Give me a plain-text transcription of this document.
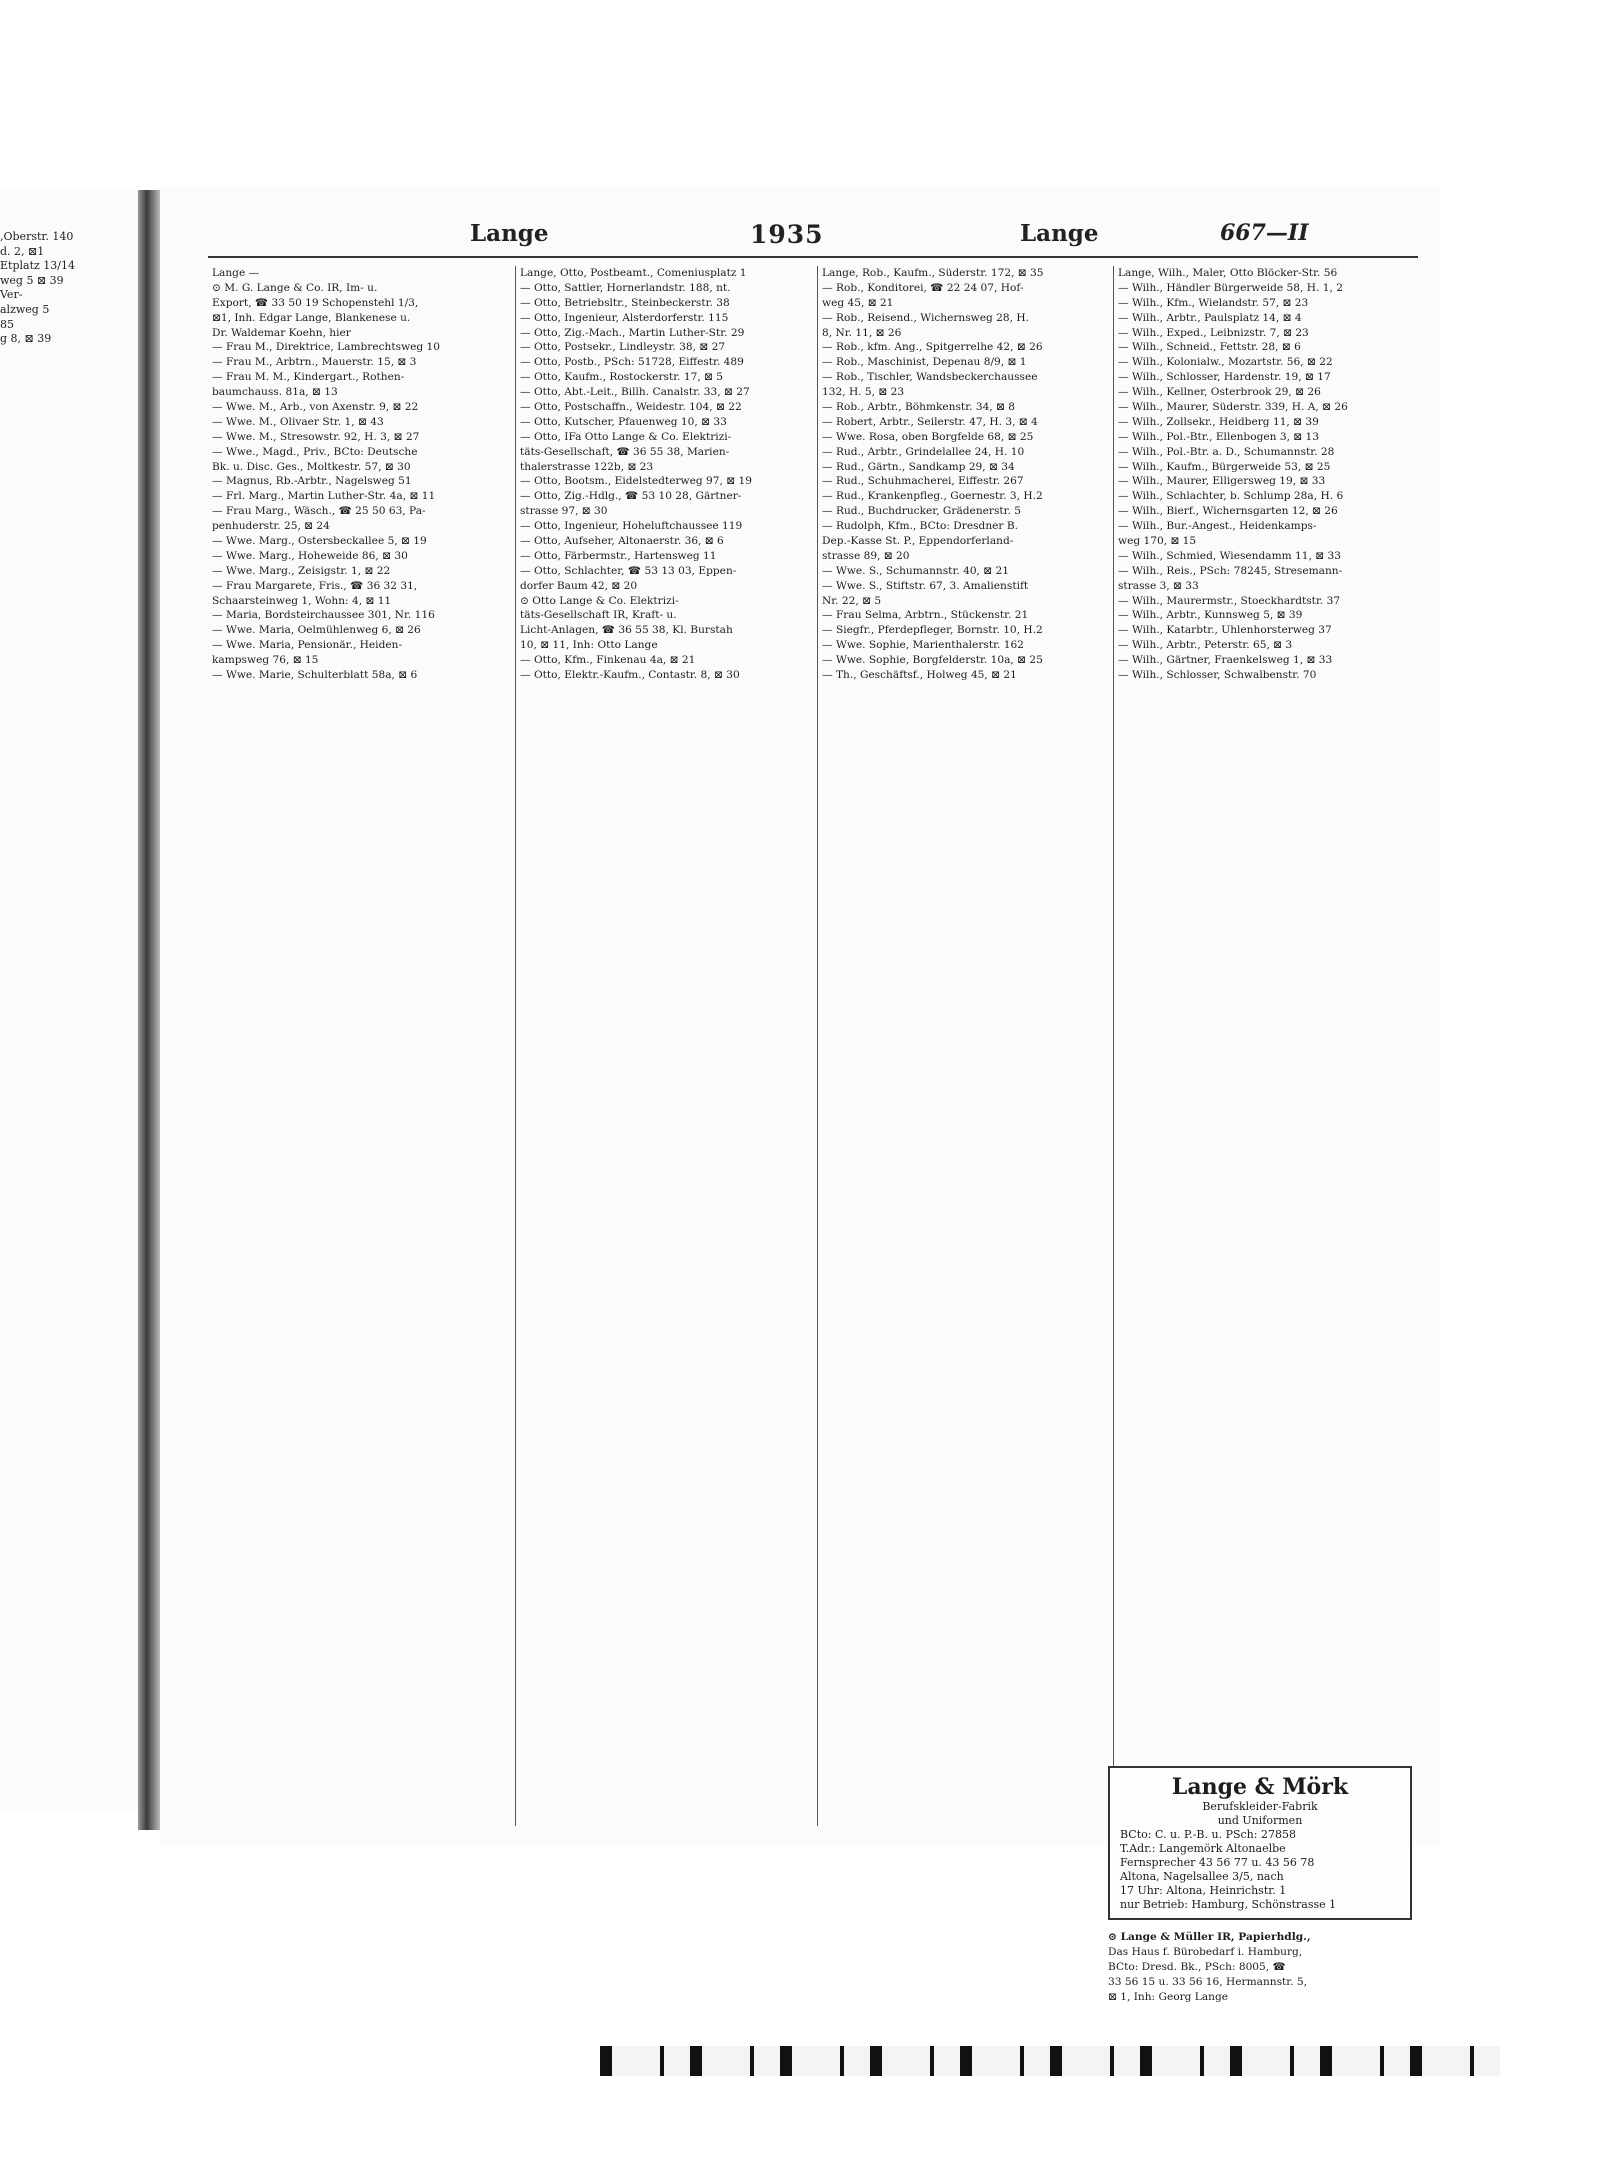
,Oberstr. 140
d. 2, ⊠1
Etplatz 13/14
weg 5 ⊠ 39
Ver-
alzweg 5
85
g 8, ⊠ 39
Lange	1935	Lange	667—II
Lange —
⊙ M. G. Lange & Co. IR, Im- u.
Export, ☎ 33 50 19 Schopenstehl 1/3,
⊠1, Inh. Edgar Lange, Blankenese u.
Dr. Waldemar Koehn, hier
— Frau M., Direktrice, Lambrechtsweg 10
— Frau M., Arbtrn., Mauerstr. 15, ⊠ 3
— Frau M. M., Kindergart., Rothen-
baumchauss. 81a, ⊠ 13
— Wwe. M., Arb., von Axenstr. 9, ⊠ 22
— Wwe. M., Olivaer Str. 1, ⊠ 43
— Wwe. M., Stresowstr. 92, H. 3, ⊠ 27
— Wwe., Magd., Priv., BCto: Deutsche
Bk. u. Disc. Ges., Moltkestr. 57, ⊠ 30
— Magnus, Rb.-Arbtr., Nagelsweg 51
— Frl. Marg., Martin Luther-Str. 4a, ⊠ 11
— Frau Marg., Wäsch., ☎ 25 50 63, Pa-
penhuderstr. 25, ⊠ 24
— Wwe. Marg., Ostersbeckallee 5, ⊠ 19
— Wwe. Marg., Hoheweide 86, ⊠ 30
— Wwe. Marg., Zeisigstr. 1, ⊠ 22
— Frau Margarete, Fris., ☎ 36 32 31,
Schaarsteinweg 1, Wohn: 4, ⊠ 11
— Maria, Bordsteirchaussee 301, Nr. 116
— Wwe. Maria, Oelmühlenweg 6, ⊠ 26
— Wwe. Maria, Pensionär., Heiden-
kampsweg 76, ⊠ 15
— Wwe. Marie, Schulterblatt 58a, ⊠ 6
Lange, Otto, Postbeamt., Comeniusplatz 1
— Otto, Sattler, Hornerlandstr. 188, nt.
— Otto, Betriebsltr., Steinbeckerstr. 38
— Otto, Ingenieur, Alsterdorferstr. 115
— Otto, Zig.-Mach., Martin Luther-Str. 29
— Otto, Postsekr., Lindleystr. 38, ⊠ 27
— Otto, Postb., PSch: 51728, Eiffestr. 489
— Otto, Kaufm., Rostockerstr. 17, ⊠ 5
— Otto, Abt.-Leit., Billh. Canalstr. 33, ⊠ 27
— Otto, Postschaffn., Weidestr. 104, ⊠ 22
— Otto, Kutscher, Pfauenweg 10, ⊠ 33
— Otto, IFa Otto Lange & Co. Elektrizi-
täts-Gesellschaft, ☎ 36 55 38, Marien-
thalerstrasse 122b, ⊠ 23
— Otto, Bootsm., Eidelstedterweg 97, ⊠ 19
— Otto, Zig.-Hdlg., ☎ 53 10 28, Gärtner-
strasse 97, ⊠ 30
— Otto, Ingenieur, Hoheluftchaussee 119
— Otto, Aufseher, Altonaerstr. 36, ⊠ 6
— Otto, Färbermstr., Hartensweg 11
— Otto, Schlachter, ☎ 53 13 03, Eppen-
dorfer Baum 42, ⊠ 20
⊙ Otto Lange & Co. Elektrizi-
täts-Gesellschaft IR, Kraft- u.
Licht-Anlagen, ☎ 36 55 38, Kl. Burstah
10, ⊠ 11, Inh: Otto Lange
— Otto, Kfm., Finkenau 4a, ⊠ 21
— Otto, Elektr.-Kaufm., Contastr. 8, ⊠ 30
Lange, Rob., Kaufm., Süderstr. 172, ⊠ 35
— Rob., Konditorei, ☎ 22 24 07, Hof-
weg 45, ⊠ 21
— Rob., Reisend., Wichernsweg 28, H.
8, Nr. 11, ⊠ 26
— Rob., kfm. Ang., Spitgerrelhe 42, ⊠ 26
— Rob., Maschinist, Depenau 8/9, ⊠ 1
— Rob., Tischler, Wandsbeckerchaussee
132, H. 5, ⊠ 23
— Rob., Arbtr., Böhmkenstr. 34, ⊠ 8
— Robert, Arbtr., Seilerstr. 47, H. 3, ⊠ 4
— Wwe. Rosa, oben Borgfelde 68, ⊠ 25
— Rud., Arbtr., Grindelallee 24, H. 10
— Rud., Gärtn., Sandkamp 29, ⊠ 34
— Rud., Schuhmacherei, Eiffestr. 267
— Rud., Krankenpfleg., Goernestr. 3, H.2
— Rud., Buchdrucker, Grädenerstr. 5
— Rudolph, Kfm., BCto: Dresdner B.
Dep.-Kasse St. P., Eppendorferland-
strasse 89, ⊠ 20
— Wwe. S., Schumannstr. 40, ⊠ 21
— Wwe. S., Stiftstr. 67, 3. Amalienstift
Nr. 22, ⊠ 5
— Frau Selma, Arbtrn., Stückenstr. 21
— Siegfr., Pferdepfleger, Bornstr. 10, H.2
— Wwe. Sophie, Marienthalerstr. 162
— Wwe. Sophie, Borgfelderstr. 10a, ⊠ 25
— Th., Geschäftsf., Holweg 45, ⊠ 21
Lange, Wilh., Maler, Otto Blöcker-Str. 56
— Wilh., Händler Bürgerweide 58, H. 1, 2
— Wilh., Kfm., Wielandstr. 57, ⊠ 23
— Wilh., Arbtr., Paulsplatz 14, ⊠ 4
— Wilh., Exped., Leibnizstr. 7, ⊠ 23
— Wilh., Schneid., Fettstr. 28, ⊠ 6
— Wilh., Kolonialw., Mozartstr. 56, ⊠ 22
— Wilh., Schlosser, Hardenstr. 19, ⊠ 17
— Wilh., Kellner, Osterbrook 29, ⊠ 26
— Wilh., Maurer, Süderstr. 339, H. A, ⊠ 26
— Wilh., Zollsekr., Heidberg 11, ⊠ 39
— Wilh., Pol.-Btr., Ellenbogen 3, ⊠ 13
— Wilh., Pol.-Btr. a. D., Schumannstr. 28
— Wilh., Kaufm., Bürgerweide 53, ⊠ 25
— Wilh., Maurer, Elligersweg 19, ⊠ 33
— Wilh., Schlachter, b. Schlump 28a, H. 6
— Wilh., Bierf., Wichernsgarten 12, ⊠ 26
— Wilh., Bur.-Angest., Heidenkamps-
weg 170, ⊠ 15
— Wilh., Schmied, Wiesendamm 11, ⊠ 33
— Wilh., Reis., PSch: 78245, Stresemann-
strasse 3, ⊠ 33
— Wilh., Maurermstr., Stoeckhardtstr. 37
— Wilh., Arbtr., Kunnsweg 5, ⊠ 39
— Wilh., Katarbtr., Uhlenhorsterweg 37
— Wilh., Arbtr., Peterstr. 65, ⊠ 3
— Wilh., Gärtner, Fraenkelsweg 1, ⊠ 33
— Wilh., Schlosser, Schwalbenstr. 70
Lange & Mörk
Berufskleider-Fabrik
und Uniformen
BCto: C. u. P.-B. u. PSch: 27858
T.Adr.: Langemörk Altonaelbe
Fernsprecher 43 56 77 u. 43 56 78
Altona, Nagelsallee 3/5, nach
17 Uhr: Altona, Heinrichstr. 1
nur Betrieb: Hamburg, Schönstrasse 1
⊙ Lange & Müller IR, Papierhdlg.,
Das Haus f. Bürobedarf i. Hamburg,
BCto: Dresd. Bk., PSch: 8005, ☎
33 56 15 u. 33 56 16, Hermannstr. 5,
⊠ 1, Inh: Georg Lange
